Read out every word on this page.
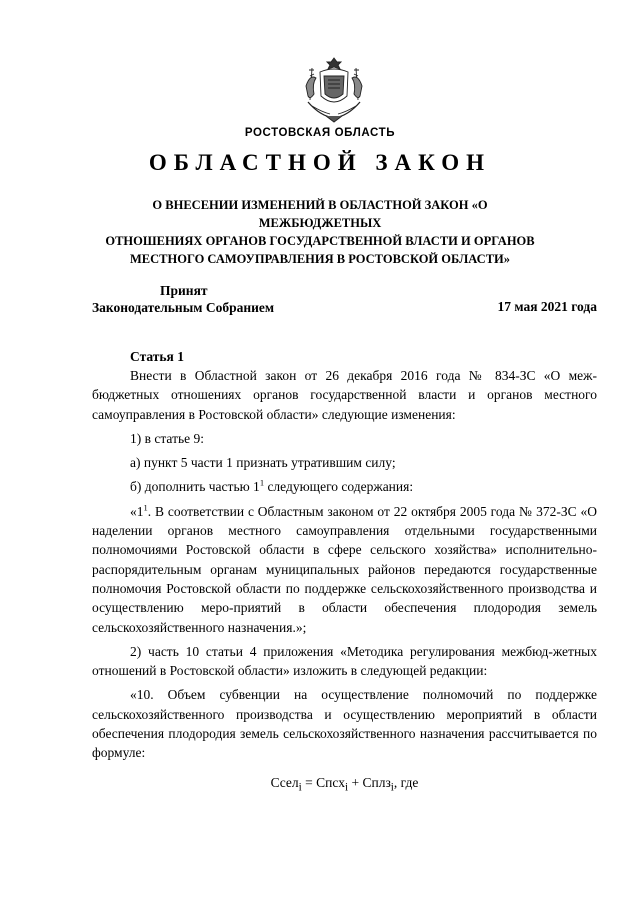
РОСТОВСКАЯ ОБЛАСТЬ
ОБЛАСТНОЙ ЗАКОН
О ВНЕСЕНИИ ИЗМЕНЕНИЙ В ОБЛАСТНОЙ ЗАКОН «О МЕЖБЮДЖЕТНЫХ
ОТНОШЕНИЯХ ОРГАНОВ ГОСУДАРСТВЕННОЙ ВЛАСТИ И ОРГАНОВ
МЕСТНОГО САМОУПРАВЛЕНИЯ В РОСТОВСКОЙ ОБЛАСТИ»
Принят
Законодательным Собранием	17 мая 2021 года
Статья 1

Внести в Областной закон от 26 декабря 2016 года № 834-ЗС «О меж-бюджетных отношениях органов государственной власти и органов местного самоуправления в Ростовской области» следующие изменения:

1) в статье 9:

а) пункт 5 части 1 признать утратившим силу;

б) дополнить частью $1^1$ следующего содержания:

«$1^1$. В соответствии с Областным законом от 22 октября 2005 года № 372-ЗС «О наделении органов местного самоуправления отдельными государственными полномочиями Ростовской области в сфере сельского хозяйства» исполнительно-распорядительным органам муниципальных районов передаются государственные полномочия Ростовской области по поддержке сельскохозяйственного производства и осуществлению меро-приятий в области обеспечения плодородия земель сельскохозяйственного назначения.»;

2) часть 10 статьи 4 приложения «Методика регулирования межбюд-жетных отношений в Ростовской области» изложить в следующей редакции:

«10. Объем субвенции на осуществление полномочий по поддержке сельскохозяйственного производства и осуществлению мероприятий в области обеспечения плодородия земель сельскохозяйственного назначения рассчитывается по формуле:

Ссел$_i$ = Спсх$_i$ + Сплз$_i$, где
